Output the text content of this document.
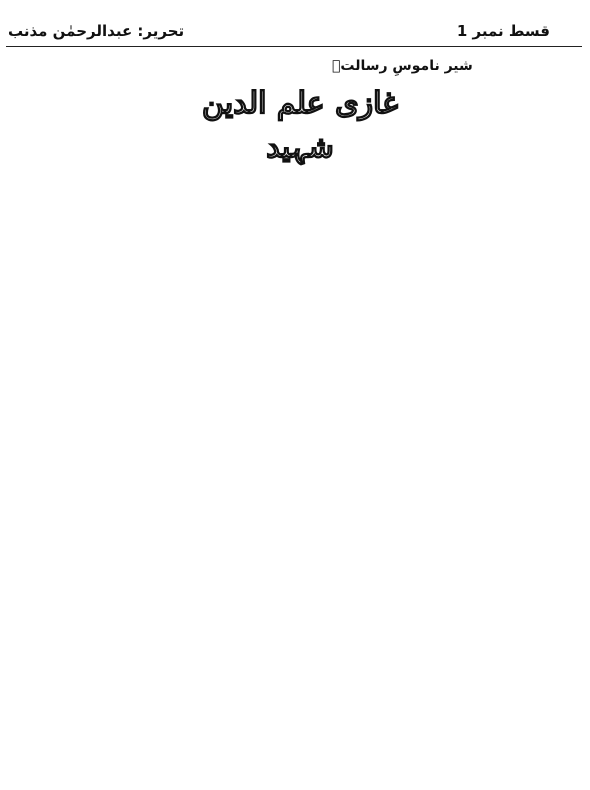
تحریر: عبدالرحمٰن مذنب	قسط نمبر 1
شیر ناموسِ رسالتؐ
غازی علم الدین شہید
